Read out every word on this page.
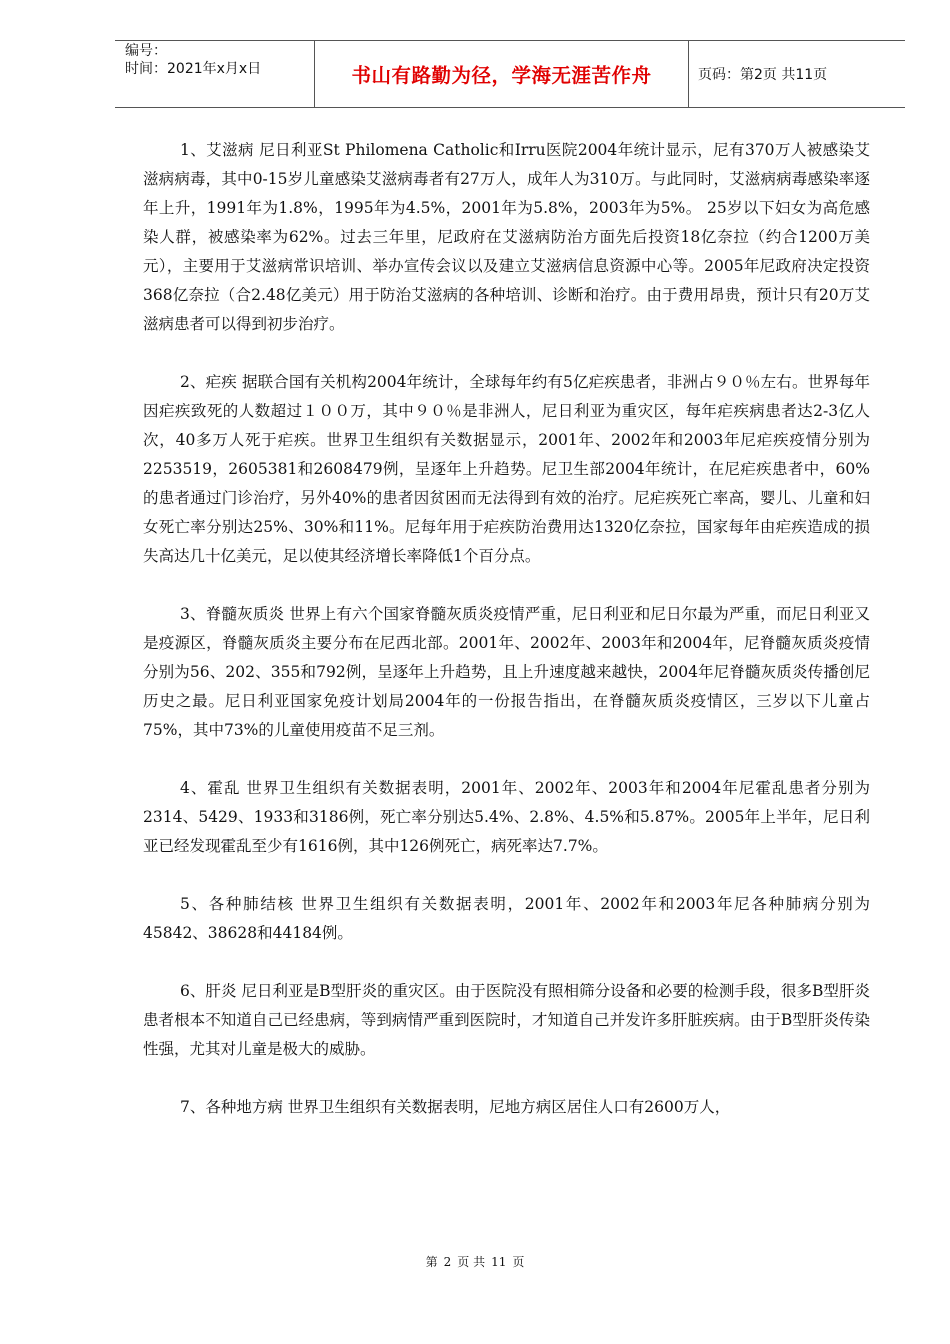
编号：
时间：2021年x月x日	书山有路勤为径，学海无涯苦作舟	页码：第2页 共11页

1、艾滋病 尼日利亚St Philomena Catholic和Irru医院2004年统计显示，尼有370万人被感染艾滋病病毒，其中0-15岁儿童感染艾滋病毒者有27万人，成年人为310万。与此同时，艾滋病病毒感染率逐年上升，1991年为1.8%，1995年为4.5%，2001年为5.8%，2003年为5%。 25岁以下妇女为高危感染人群，被感染率为62%。过去三年里，尼政府在艾滋病防治方面先后投资18亿奈拉（约合1200万美元），主要用于艾滋病常识培训、举办宣传会议以及建立艾滋病信息资源中心等。2005年尼政府决定投资368亿奈拉（合2.48亿美元）用于防治艾滋病的各种培训、诊断和治疗。由于费用昂贵，预计只有20万艾滋病患者可以得到初步治疗。

2、疟疾 据联合国有关机构2004年统计，全球每年约有5亿疟疾患者，非洲占９０％左右。世界每年因疟疾致死的人数超过１００万，其中９０％是非洲人，尼日利亚为重灾区，每年疟疾病患者达2-3亿人次，40多万人死于疟疾。世界卫生组织有关数据显示，2001年、2002年和2003年尼疟疾疫情分别为2253519，2605381和2608479例，呈逐年上升趋势。尼卫生部2004年统计，在尼疟疾患者中，60%的患者通过门诊治疗，另外40%的患者因贫困而无法得到有效的治疗。尼疟疾死亡率高，婴儿、儿童和妇女死亡率分别达25%、30%和11%。尼每年用于疟疾防治费用达1320亿奈拉，国家每年由疟疾造成的损失高达几十亿美元，足以使其经济增长率降低1个百分点。

3、脊髓灰质炎 世界上有六个国家脊髓灰质炎疫情严重，尼日利亚和尼日尔最为严重，而尼日利亚又是疫源区，脊髓灰质炎主要分布在尼西北部。2001年、2002年、2003年和2004年，尼脊髓灰质炎疫情分别为56、202、355和792例，呈逐年上升趋势，且上升速度越来越快，2004年尼脊髓灰质炎传播创尼历史之最。尼日利亚国家免疫计划局2004年的一份报告指出，在脊髓灰质炎疫情区，三岁以下儿童占75%，其中73%的儿童使用疫苗不足三剂。

4、霍乱 世界卫生组织有关数据表明，2001年、2002年、2003年和2004年尼霍乱患者分别为2314、5429、1933和3186例，死亡率分别达5.4%、2.8%、4.5%和5.87%。2005年上半年，尼日利亚已经发现霍乱至少有1616例，其中126例死亡，病死率达7.7%。

5、各种肺结核 世界卫生组织有关数据表明，2001年、2002年和2003年尼各种肺病分别为45842、38628和44184例。

6、肝炎 尼日利亚是B型肝炎的重灾区。由于医院没有照相筛分设备和必要的检测手段，很多B型肝炎患者根本不知道自己已经患病，等到病情严重到医院时，才知道自己并发许多肝脏疾病。由于B型肝炎传染性强，尤其对儿童是极大的威胁。

7、各种地方病 世界卫生组织有关数据表明，尼地方病区居住人口有2600万人，

第 2 页 共 11 页
